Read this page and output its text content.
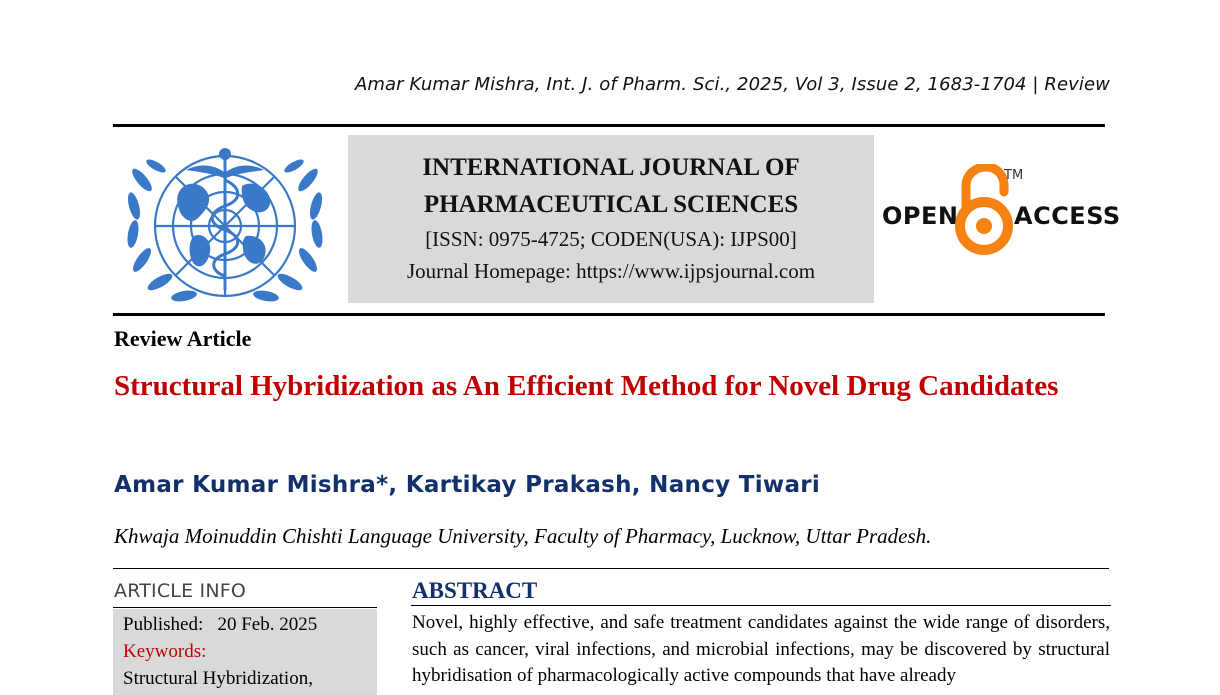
Amar Kumar Mishra, Int. J. of Pharm. Sci., 2025, Vol 3, Issue 2, 1683-1704 | Review
INTERNATIONAL JOURNAL OF
PHARMACEUTICAL SCIENCES
[ISSN: 0975-4725; CODEN(USA): IJPS00]
Journal Homepage: https://www.ijpsjournal.com
OPEN
TM
ACCESS
Review Article
Structural Hybridization as An Efficient Method for Novel Drug Candidates
Amar Kumar Mishra*, Kartikay Prakash, Nancy Tiwari
Khwaja Moinuddin Chishti Language University, Faculty of Pharmacy, Lucknow, Uttar Pradesh.
ARTICLE INFO
Published: 20 Feb. 2025
Keywords:
Structural Hybridization,
ABSTRACT
Novel, highly effective, and safe treatment candidates against the wide range of disorders, such as cancer, viral infections, and microbial infections, may be discovered by structural hybridisation of pharmacologically active compounds that have already
